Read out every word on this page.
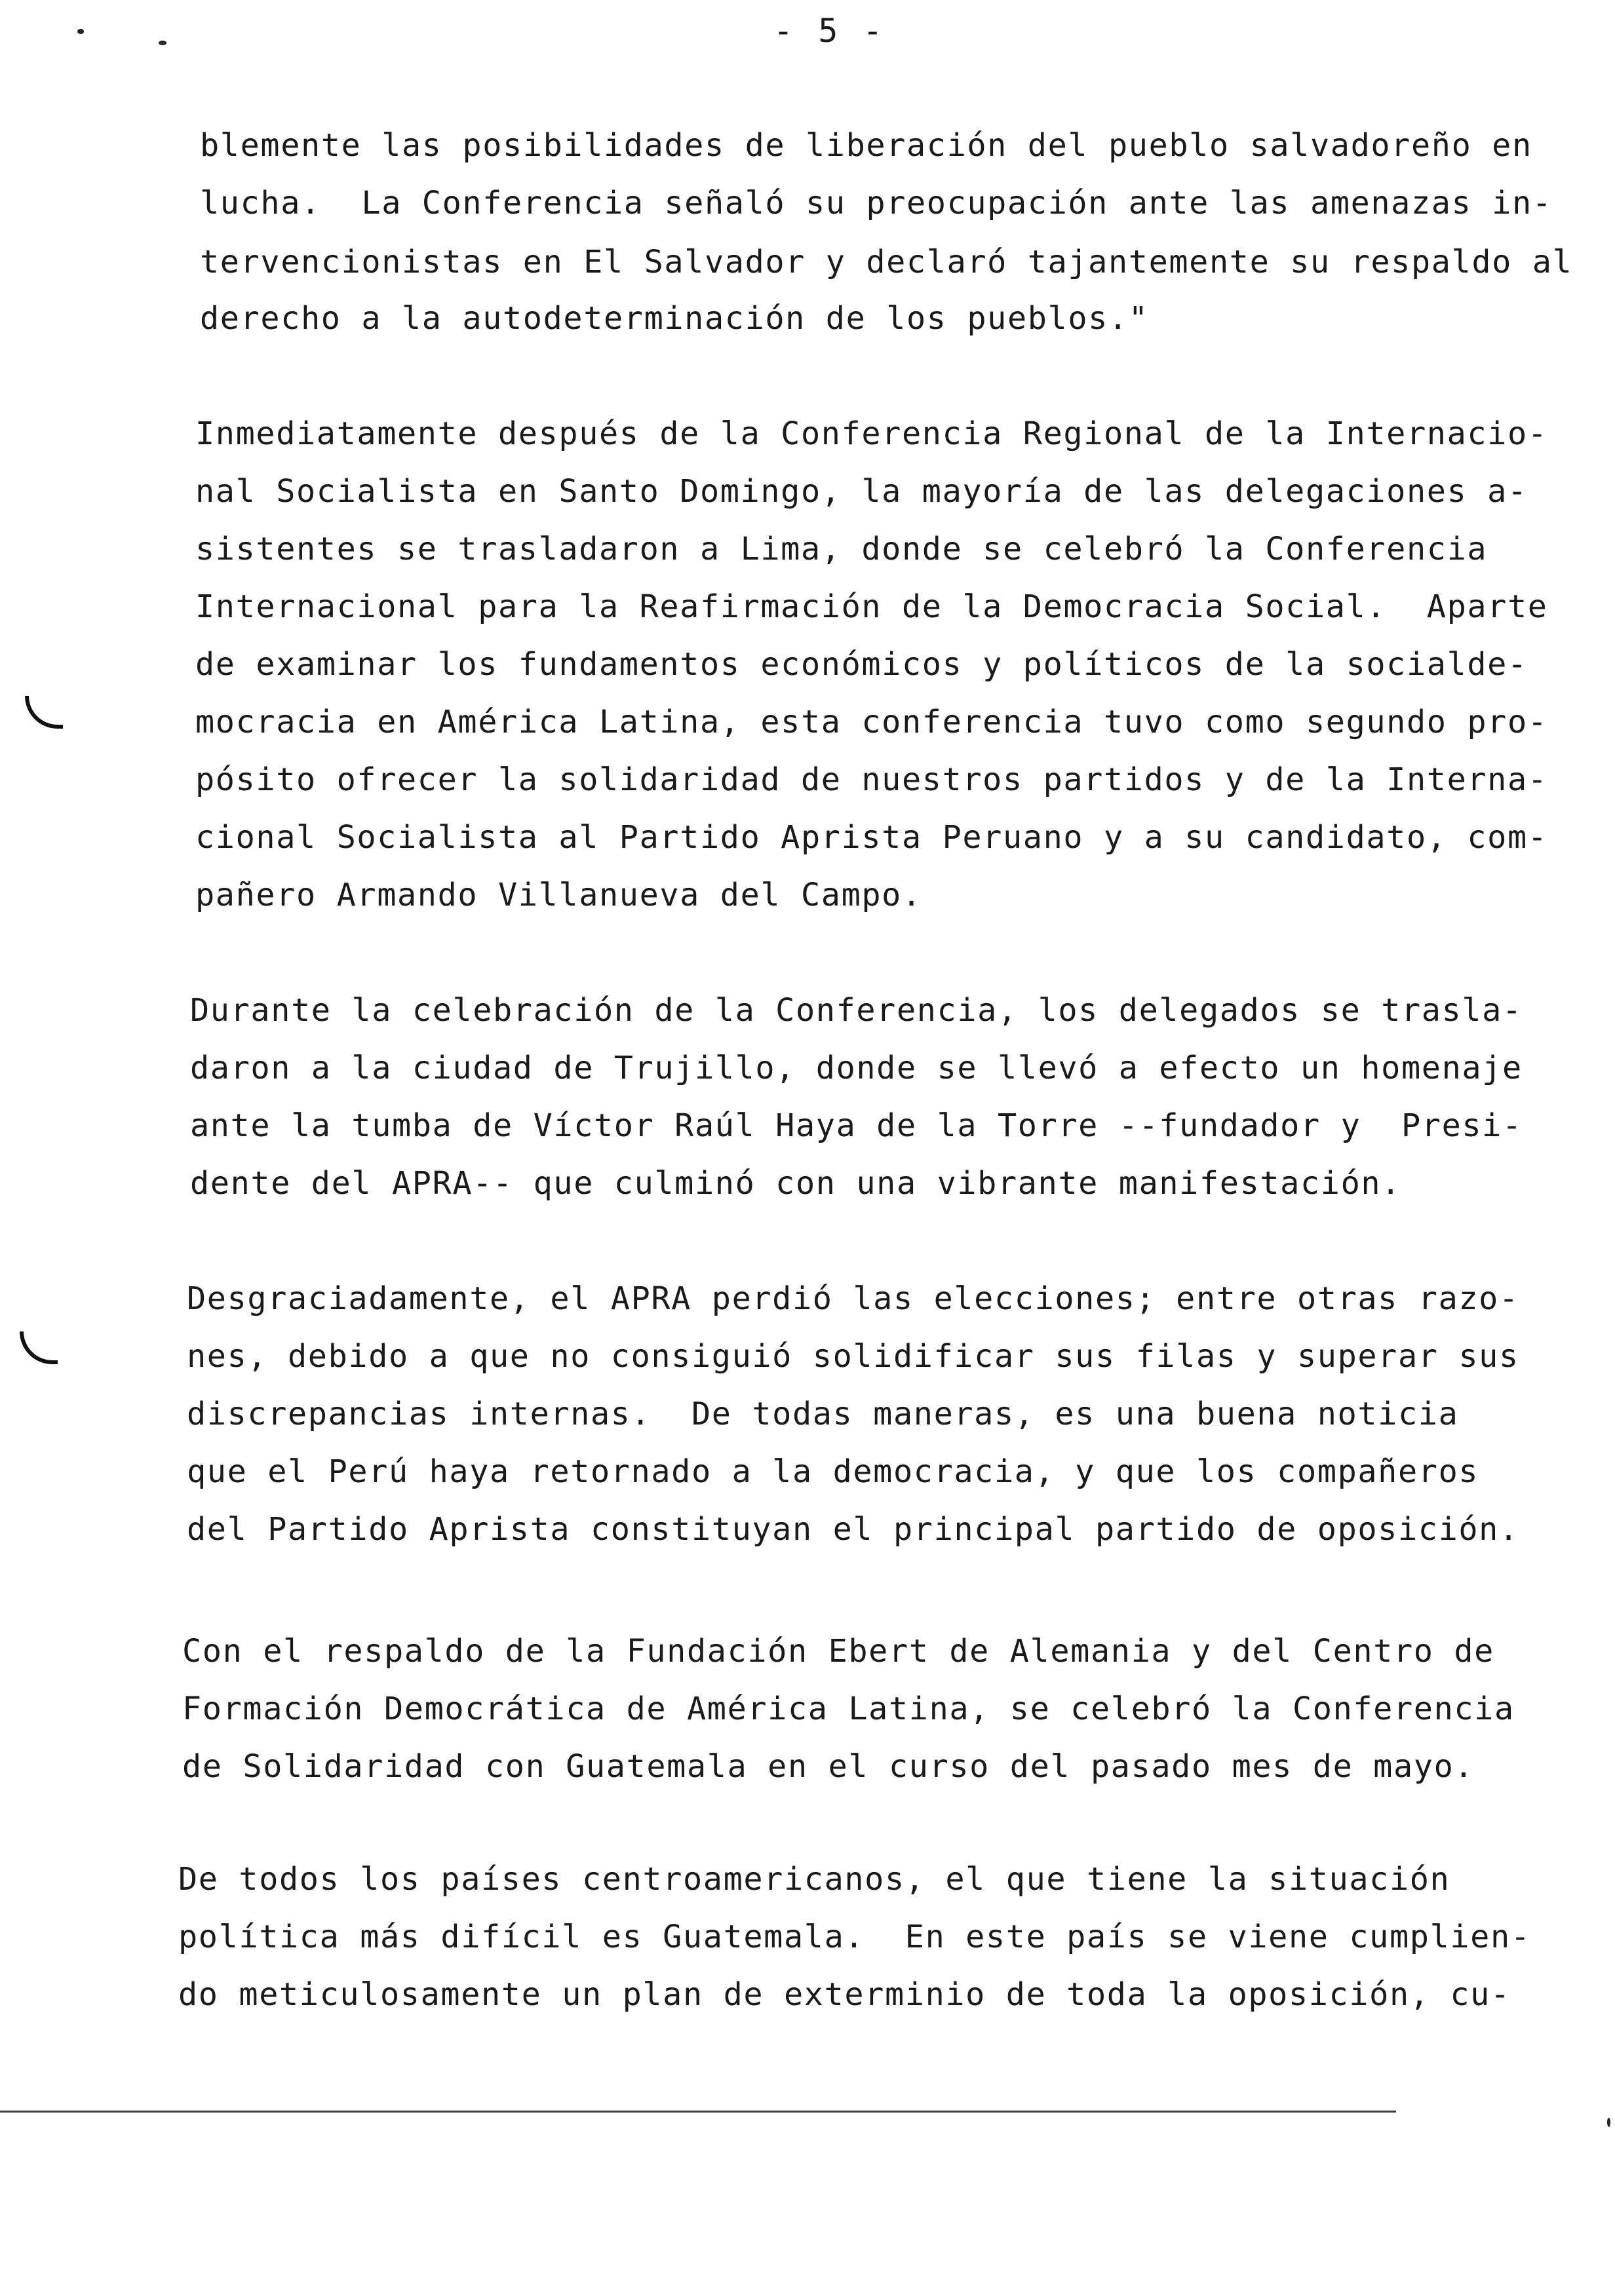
- 5 -
blemente las posibilidades de liberación del pueblo salvadoreño en
lucha.  La Conferencia señaló su preocupación ante las amenazas in-
tervencionistas en El Salvador y declaró tajantemente su respaldo al
derecho a la autodeterminación de los pueblos."
Inmediatamente después de la Conferencia Regional de la Internacio-
nal Socialista en Santo Domingo, la mayoría de las delegaciones a-
sistentes se trasladaron a Lima, donde se celebró la Conferencia
Internacional para la Reafirmación de la Democracia Social.  Aparte
de examinar los fundamentos económicos y políticos de la socialde-
mocracia en América Latina, esta conferencia tuvo como segundo pro-
pósito ofrecer la solidaridad de nuestros partidos y de la Interna-
cional Socialista al Partido Aprista Peruano y a su candidato, com-
pañero Armando Villanueva del Campo.
Durante la celebración de la Conferencia, los delegados se trasla-
daron a la ciudad de Trujillo, donde se llevó a efecto un homenaje
ante la tumba de Víctor Raúl Haya de la Torre --fundador y  Presi-
dente del APRA-- que culminó con una vibrante manifestación.
Desgraciadamente, el APRA perdió las elecciones; entre otras razo-
nes, debido a que no consiguió solidificar sus filas y superar sus
discrepancias internas.  De todas maneras, es una buena noticia
que el Perú haya retornado a la democracia, y que los compañeros
del Partido Aprista constituyan el principal partido de oposición.
Con el respaldo de la Fundación Ebert de Alemania y del Centro de
Formación Democrática de América Latina, se celebró la Conferencia
de Solidaridad con Guatemala en el curso del pasado mes de mayo.
De todos los países centroamericanos, el que tiene la situación
política más difícil es Guatemala.  En este país se viene cumplien-
do meticulosamente un plan de exterminio de toda la oposición, cu-
